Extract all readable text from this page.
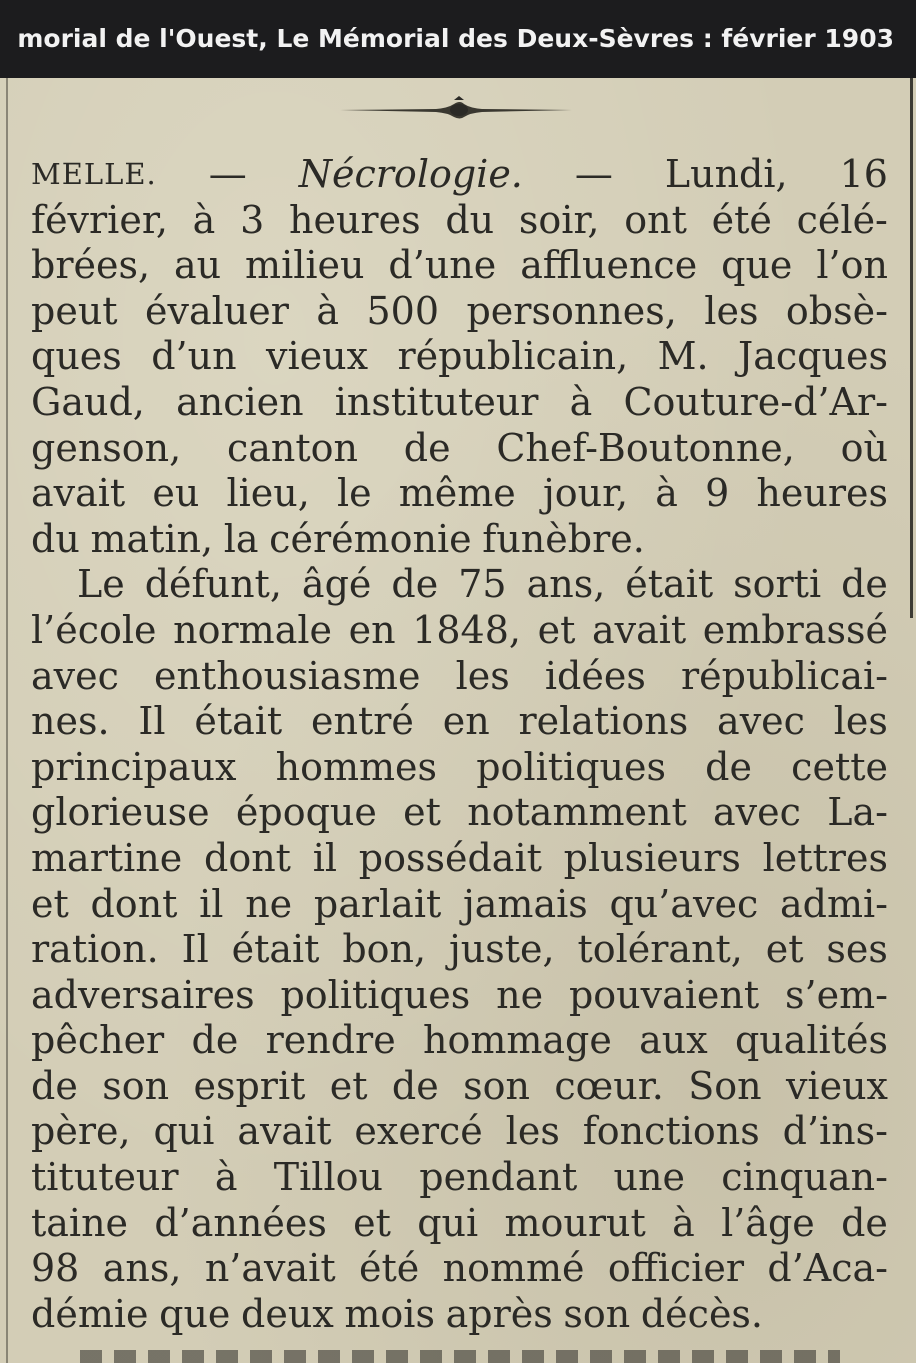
morial de l'Ouest, Le Mémorial des Deux-Sèvres : février 1903
MELLE. — Nécrologie. — Lundi, 16
février, à 3 heures du soir, ont été célé-
brées, au milieu d’une affluence que l’on
peut évaluer à 500 personnes, les obsè-
ques d’un vieux républicain, M. Jacques
Gaud, ancien instituteur à Couture-d’Ar-
genson, canton de Chef-Boutonne, où
avait eu lieu, le même jour, à 9 heures
du matin, la cérémonie funèbre.
Le défunt, âgé de 75 ans, était sorti de
l’école normale en 1848, et avait embrassé
avec enthousiasme les idées républicai-
nes. Il était entré en relations avec les
principaux hommes politiques de cette
glorieuse époque et notamment avec La-
martine dont il possédait plusieurs lettres
et dont il ne parlait jamais qu’avec admi-
ration. Il était bon, juste, tolérant, et ses
adversaires politiques ne pouvaient s’em-
pêcher de rendre hommage aux qualités
de son esprit et de son cœur. Son vieux
père, qui avait exercé les fonctions d’ins-
tituteur à Tillou pendant une cinquan-
taine d’années et qui mourut à l’âge de
98 ans, n’avait été nommé officier d’Aca-
démie que deux mois après son décès.
